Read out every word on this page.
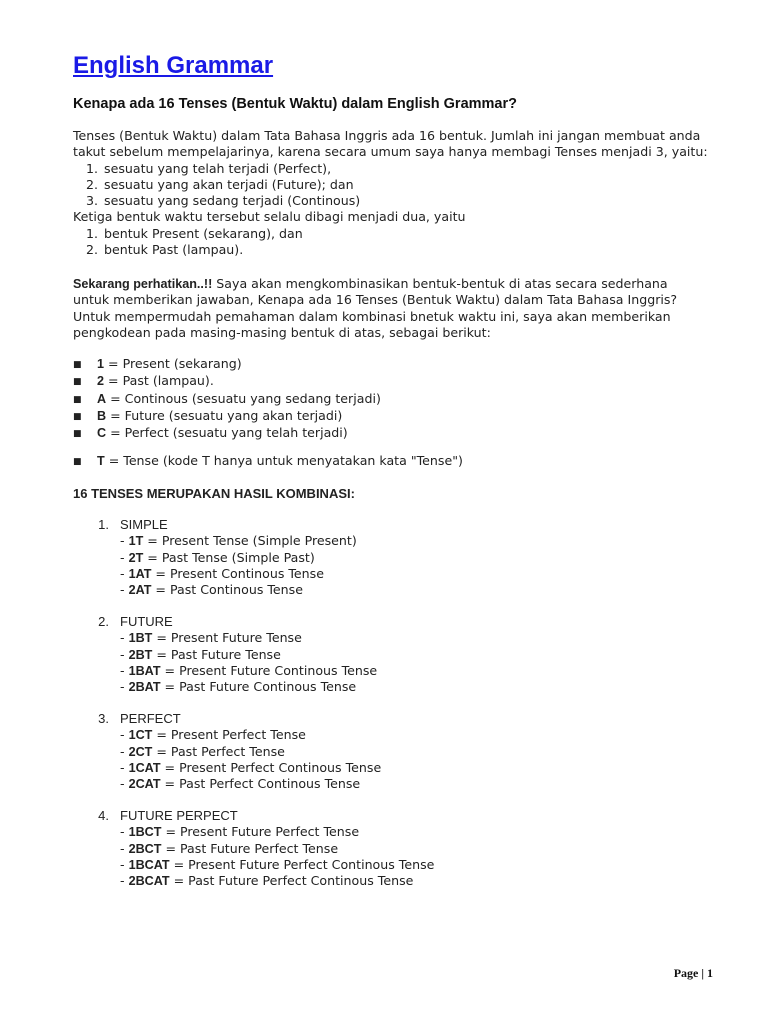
English Grammar
Kenapa ada 16 Tenses (Bentuk Waktu) dalam English Grammar?
Tenses (Bentuk Waktu) dalam Tata Bahasa Inggris ada 16 bentuk. Jumlah ini jangan membuat anda
takut sebelum mempelajarinya, karena secara umum saya hanya membagi Tenses menjadi 3, yaitu:
1. sesuatu yang telah terjadi (Perfect),
2. sesuatu yang akan terjadi (Future); dan
3. sesuatu yang sedang terjadi (Continous)
Ketiga bentuk waktu tersebut selalu dibagi menjadi dua, yaitu
1. bentuk Present (sekarang), dan
2. bentuk Past (lampau).
Sekarang perhatikan..!! Saya akan mengkombinasikan bentuk-bentuk di atas secara sederhana
untuk memberikan jawaban, Kenapa ada 16 Tenses (Bentuk Waktu) dalam Tata Bahasa Inggris?
Untuk mempermudah pemahaman dalam kombinasi bnetuk waktu ini, saya akan memberikan
pengkodean pada masing-masing bentuk di atas, sebagai berikut:
■ 1 = Present (sekarang)
■ 2 = Past (lampau).
■ A = Continous (sesuatu yang sedang terjadi)
■ B = Future (sesuatu yang akan terjadi)
■ C = Perfect (sesuatu yang telah terjadi)
■ T = Tense (kode T hanya untuk menyatakan kata "Tense")
16 TENSES MERUPAKAN HASIL KOMBINASI:
1. SIMPLE
- 1T = Present Tense (Simple Present)
- 2T = Past Tense (Simple Past)
- 1AT = Present Continous Tense
- 2AT = Past Continous Tense
2. FUTURE
- 1BT = Present Future Tense
- 2BT = Past Future Tense
- 1BAT = Present Future Continous Tense
- 2BAT = Past Future Continous Tense
3. PERFECT
- 1CT = Present Perfect Tense
- 2CT = Past Perfect Tense
- 1CAT = Present Perfect Continous Tense
- 2CAT = Past Perfect Continous Tense
4. FUTURE PERPECT
- 1BCT = Present Future Perfect Tense
- 2BCT = Past Future Perfect Tense
- 1BCAT = Present Future Perfect Continous Tense
- 2BCAT = Past Future Perfect Continous Tense
Page | 1
